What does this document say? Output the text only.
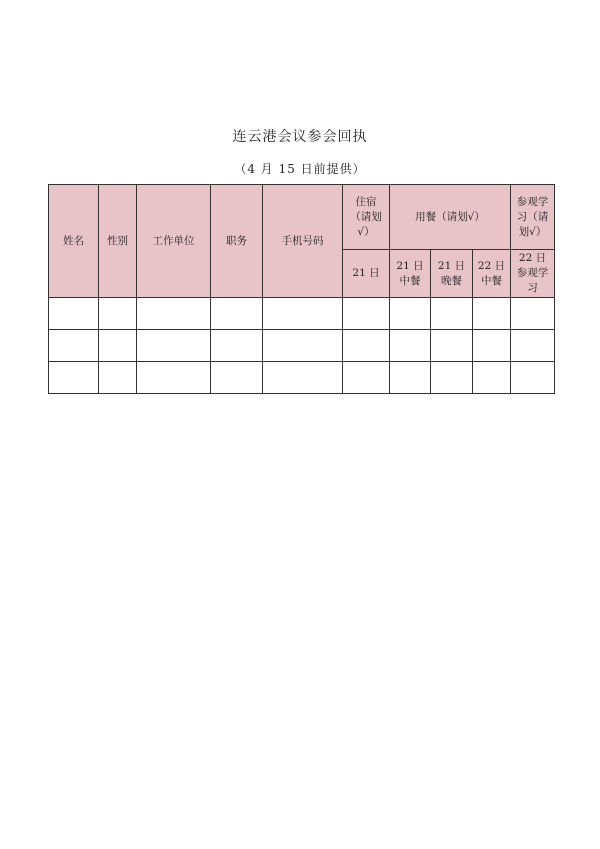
连云港会议参会回执
（4 月 15 日前提供）
姓名	性别	工作单位	职务	手机号码	住宿（请划√）	用餐（请划√）			参观学习（请划√）
					21 日	21 日中餐	21 日晚餐	22 日中餐	22 日参观学习
